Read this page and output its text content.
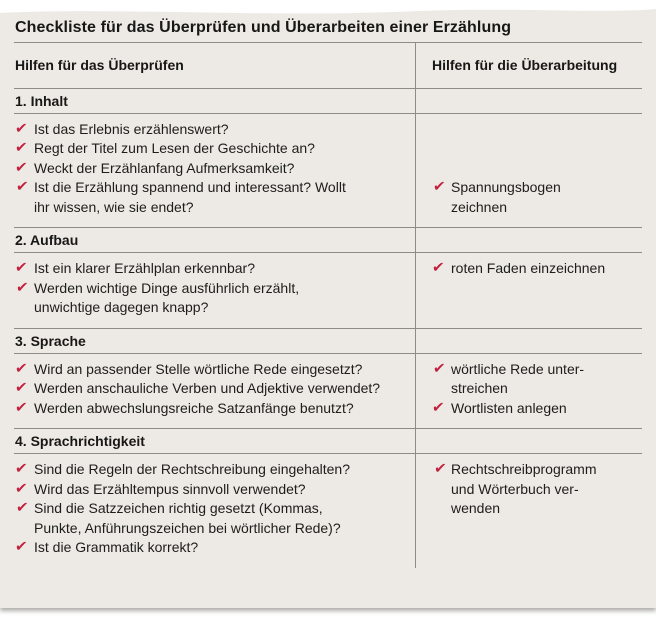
Checkliste für das Überprüfen und Überarbeiten einer Erzählung
Hilfen für das Überprüfen	Hilfen für die Überarbeitung
1. Inhalt
✔ Ist das Erlebnis erzählenswert?
✔ Regt der Titel zum Lesen der Geschichte an?
✔ Weckt der Erzählanfang Aufmerksamkeit?
✔ Ist die Erzählung spannend und interessant? Wollt
ihr wissen, wie sie endet?
✔ Spannungsbogen
zeichnen
2. Aufbau
✔ Ist ein klarer Erzählplan erkennbar?
✔ Werden wichtige Dinge ausführlich erzählt,
unwichtige dagegen knapp?
✔ roten Faden einzeichnen
3. Sprache
✔ Wird an passender Stelle wörtliche Rede eingesetzt?
✔ Werden anschauliche Verben und Adjektive verwendet?
✔ Werden abwechslungsreiche Satzanfänge benutzt?
✔ wörtliche Rede unter-
streichen
✔ Wortlisten anlegen
4. Sprachrichtigkeit
✔ Sind die Regeln der Rechtschreibung eingehalten?
✔ Wird das Erzähltempus sinnvoll verwendet?
✔ Sind die Satzzeichen richtig gesetzt (Kommas,
Punkte, Anführungszeichen bei wörtlicher Rede)?
✔ Ist die Grammatik korrekt?
✔ Rechtschreibprogramm
und Wörterbuch ver-
wenden
